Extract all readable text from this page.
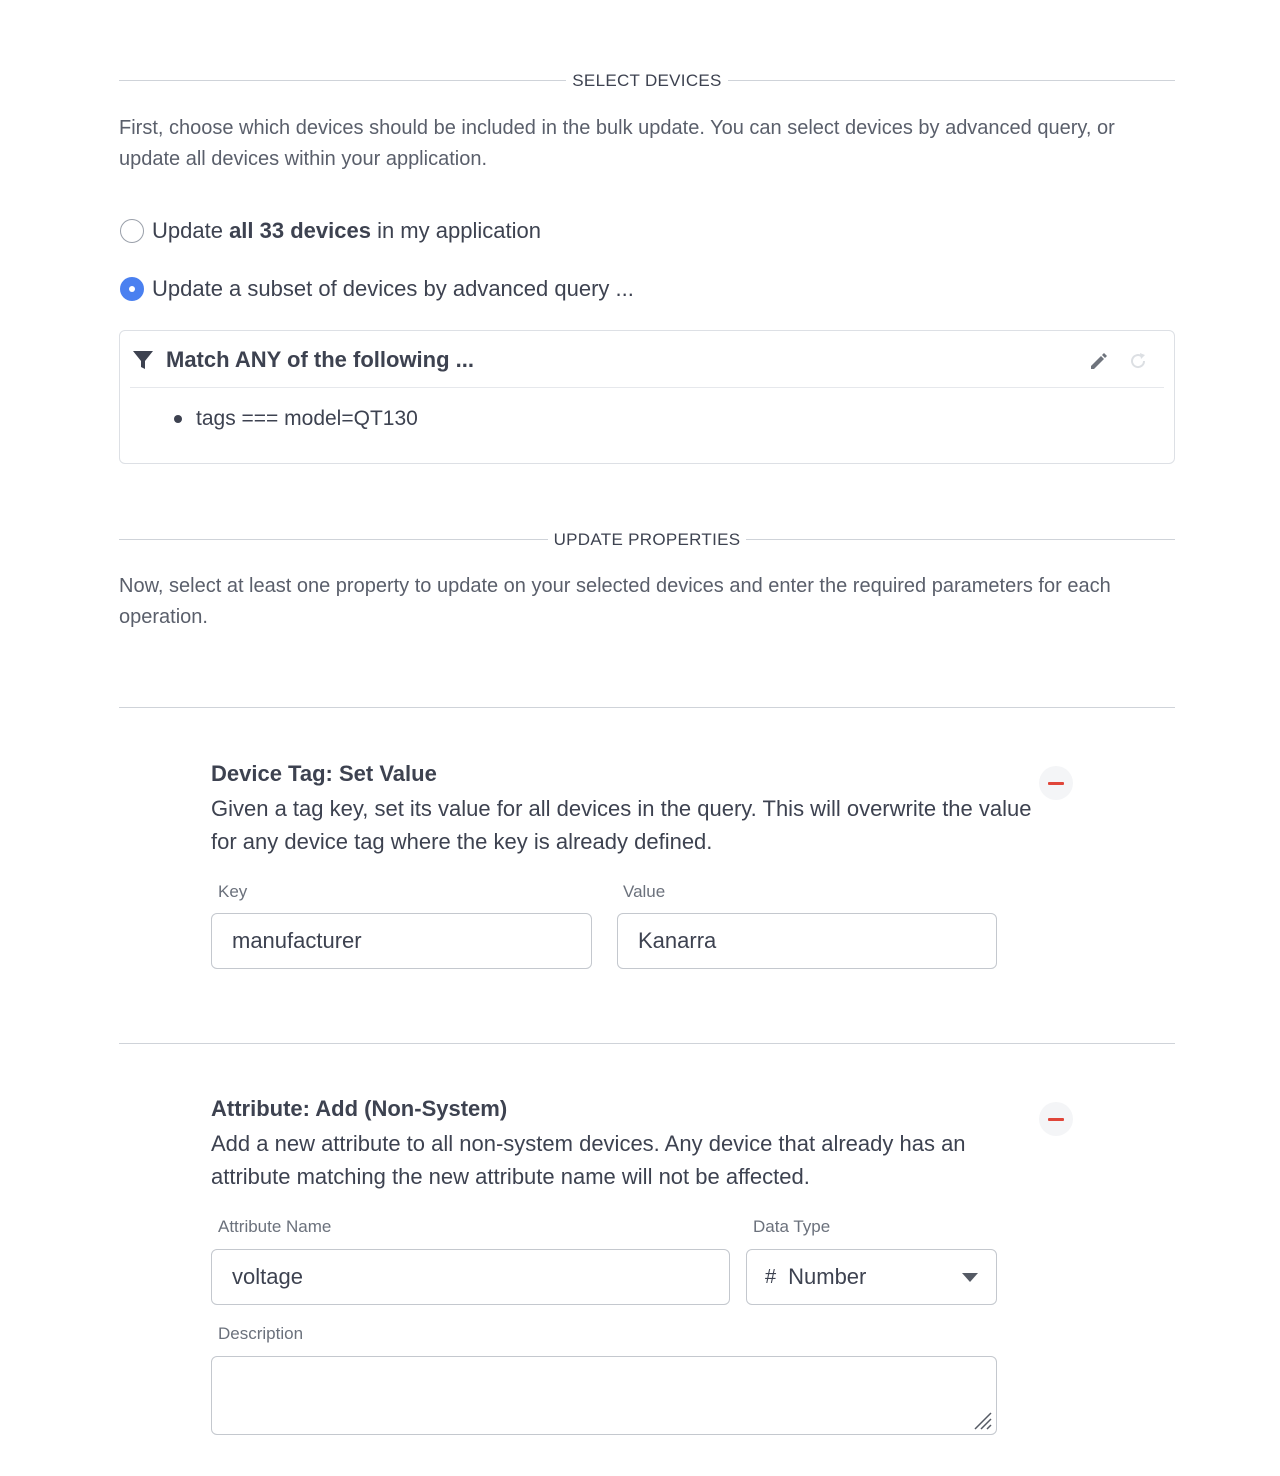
SELECT DEVICES
First, choose which devices should be included in the bulk update. You can select devices by advanced query, or update all devices within your application.
Update all 33 devices in my application
Update a subset of devices by advanced query ...
Match ANY of the following ...
tags === model=QT130
UPDATE PROPERTIES
Now, select at least one property to update on your selected devices and enter the required parameters for each operation.
Device Tag: Set Value
Given a tag key, set its value for all devices in the query. This will overwrite the value for any device tag where the key is already defined.
Key	Value
manufacturer	Kanarra
Attribute: Add (Non-System)
Add a new attribute to all non-system devices. Any device that already has an attribute matching the new attribute name will not be affected.
Attribute Name	Data Type
voltage	# Number
Description
